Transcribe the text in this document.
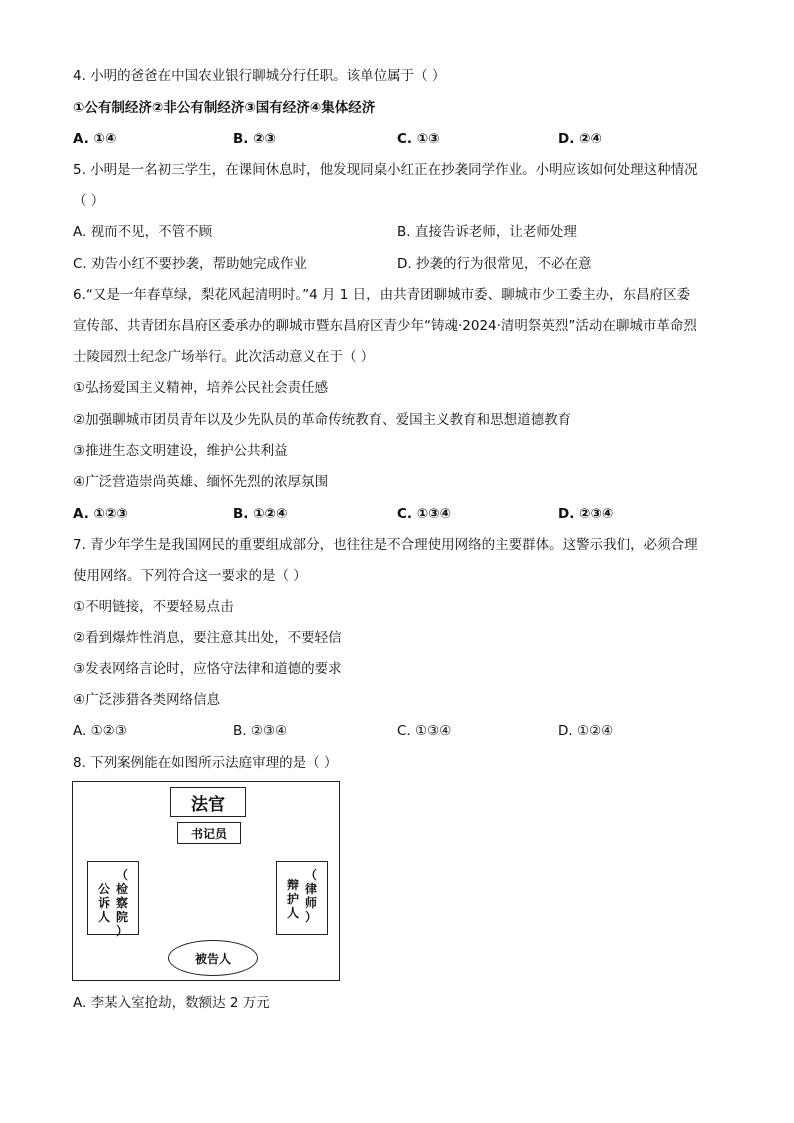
4. 小明的爸爸在中国农业银行聊城分行任职。该单位属于（ ）
①公有制经济②非公有制经济③国有经济④集体经济
A. ①④	B. ②③	C. ①③	D. ②④
5. 小明是一名初三学生，在课间休息时，他发现同桌小红正在抄袭同学作业。小明应该如何处理这种情况
（ ）
A. 视而不见，不管不顾	B. 直接告诉老师，让老师处理
C. 劝告小红不要抄袭，帮助她完成作业	D. 抄袭的行为很常见，不必在意
6.“又是一年春草绿，梨花风起清明时。”4 月 1 日，由共青团聊城市委、聊城市少工委主办，东昌府区委
宣传部、共青团东昌府区委承办的聊城市暨东昌府区青少年“铸魂·2024·清明祭英烈”活动在聊城市革命烈
士陵园烈士纪念广场举行。此次活动意义在于（ ）
①弘扬爱国主义精神，培养公民社会责任感
②加强聊城市团员青年以及少先队员的革命传统教育、爱国主义教育和思想道德教育
③推进生态文明建设，维护公共利益
④广泛营造崇尚英雄、缅怀先烈的浓厚氛围
A. ①②③	B. ①②④	C. ①③④	D. ②③④
7. 青少年学生是我国网民的重要组成部分，也往往是不合理使用网络的主要群体。这警示我们，必须合理
使用网络。下列符合这一要求的是（ ）
①不明链接，不要轻易点击
②看到爆炸性消息，要注意其出处，不要轻信
③发表网络言论时，应恪守法律和道德的要求
④广泛涉猎各类网络信息
A. ①②③	B. ②③④	C. ①③④	D. ①②④
8. 下列案例能在如图所示法庭审理的是（ ）
法官
书记员
（
检
察
院
）
公
诉
人
（
律
师
）
辩
护
人
被告人
A. 李某入室抢劫，数额达 2 万元
